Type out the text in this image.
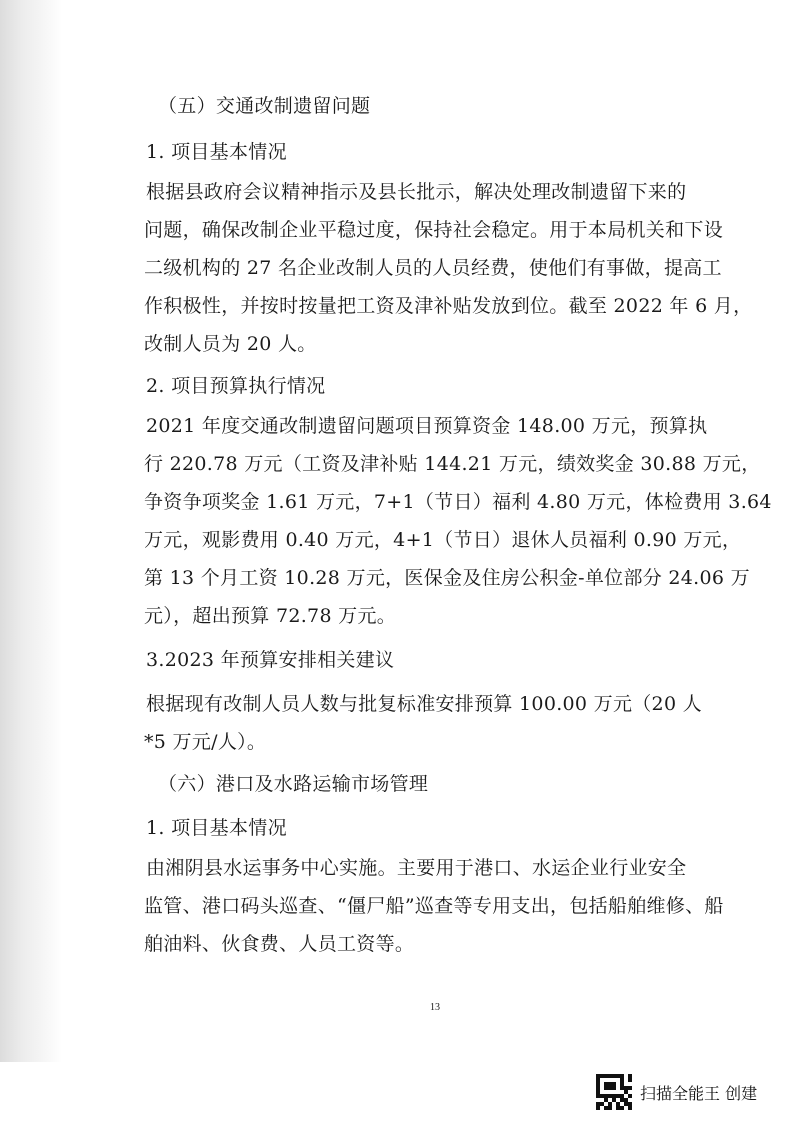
（五）交通改制遗留问题
1. 项目基本情况
根据县政府会议精神指示及县长批示，解决处理改制遗留下来的
问题，确保改制企业平稳过度，保持社会稳定。用于本局机关和下设
二级机构的 27 名企业改制人员的人员经费，使他们有事做，提高工
作积极性，并按时按量把工资及津补贴发放到位。截至 2022 年 6 月，
改制人员为 20 人。
2. 项目预算执行情况
2021 年度交通改制遗留问题项目预算资金 148.00 万元，预算执
行 220.78 万元（工资及津补贴 144.21 万元，绩效奖金 30.88 万元，
争资争项奖金 1.61 万元，7+1（节日）福利 4.80 万元，体检费用 3.64
万元，观影费用 0.40 万元，4+1（节日）退休人员福利 0.90 万元，
第 13 个月工资 10.28 万元，医保金及住房公积金-单位部分 24.06 万
元），超出预算 72.78 万元。
3.2023 年预算安排相关建议
根据现有改制人员人数与批复标准安排预算 100.00 万元（20 人
*5 万元/人）。
（六）港口及水路运输市场管理
1. 项目基本情况
由湘阴县水运事务中心实施。主要用于港口、水运企业行业安全
监管、港口码头巡查、“僵尸船”巡查等专用支出，包括船舶维修、船
舶油料、伙食费、人员工资等。
13
扫描全能王 创建
